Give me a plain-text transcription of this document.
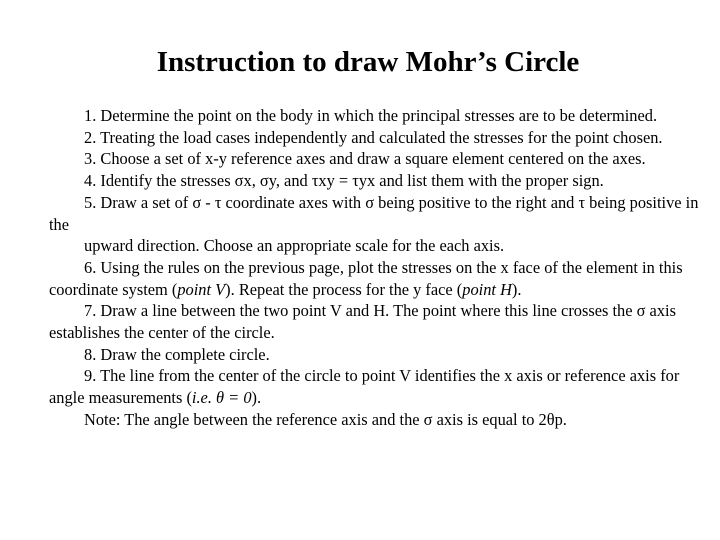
Instruction to draw Mohr’s Circle

1. Determine the point on the body in which the principal stresses are to be determined.

2. Treating the load cases independently and calculated the stresses for the point chosen.

3. Choose a set of x-y reference axes and draw a square element centered on the axes.

4. Identify the stresses σx, σy, and τxy = τyx and list them with the proper sign.

5. Draw a set of σ - τ coordinate axes with σ being positive to the right and τ being positive in the

upward direction. Choose an appropriate scale for the each axis.

6. Using the rules on the previous page, plot the stresses on the x face of the element in this coordinate system (point V). Repeat the process for the y face (point H).

7. Draw a line between the two point V and H. The point where this line crosses the σ axis establishes the center of the circle.

8. Draw the complete circle.

9. The line from the center of the circle to point V identifies the x axis or reference axis for angle measurements (i.e. θ = 0).

Note: The angle between the reference axis and the σ axis is equal to 2θp.
